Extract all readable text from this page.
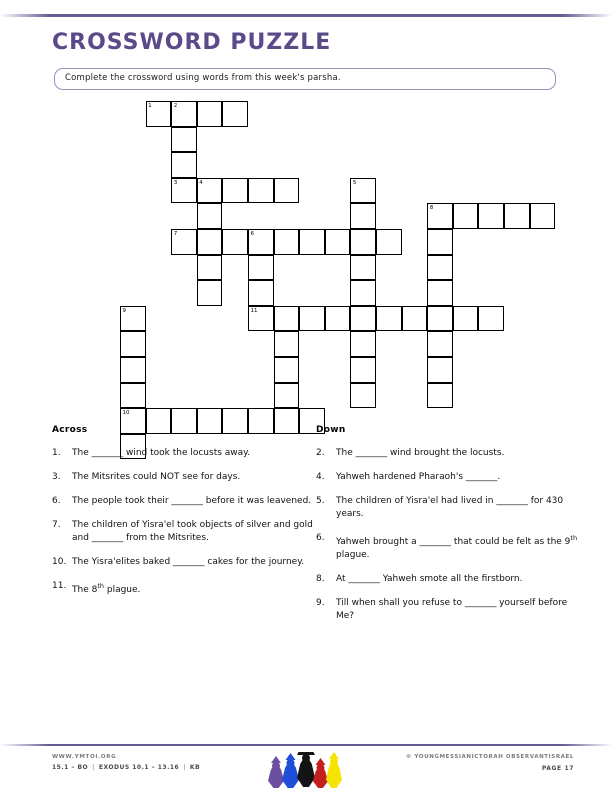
CROSSWORD PUZZLE
Complete the crossword using words from this week's parsha.
1	2
3	4	5
8
7	6
9	11
10
Across
1.	The _______ wind took the locusts away.
3.	The Mitsrites could NOT see for days.
6.	The people took their _______ before it was leavened.
7.	The children of Yisra'el took objects of silver and gold and _______ from the Mitsrites.
10. The Yisra'elites baked _______ cakes for the journey.
11. The 8th plague.
Down
2.	The _______ wind brought the locusts.
4.	Yahweh hardened Pharaoh's _______.
5.	The children of Yisra'el had lived in _______ for 430 years.
6.	Yahweh brought a _______ that could be felt as the 9th plague.
8.	At _______ Yahweh smote all the firstborn.
9.	Till when shall you refuse to _______ yourself before Me?
WWW.YMTOI.ORG
15.1 – BO | EXODUS 10.1 – 13.16 | KB
© YOUNGMESSIANICTORAH OBSERVANTISRAEL
PAGE 17
